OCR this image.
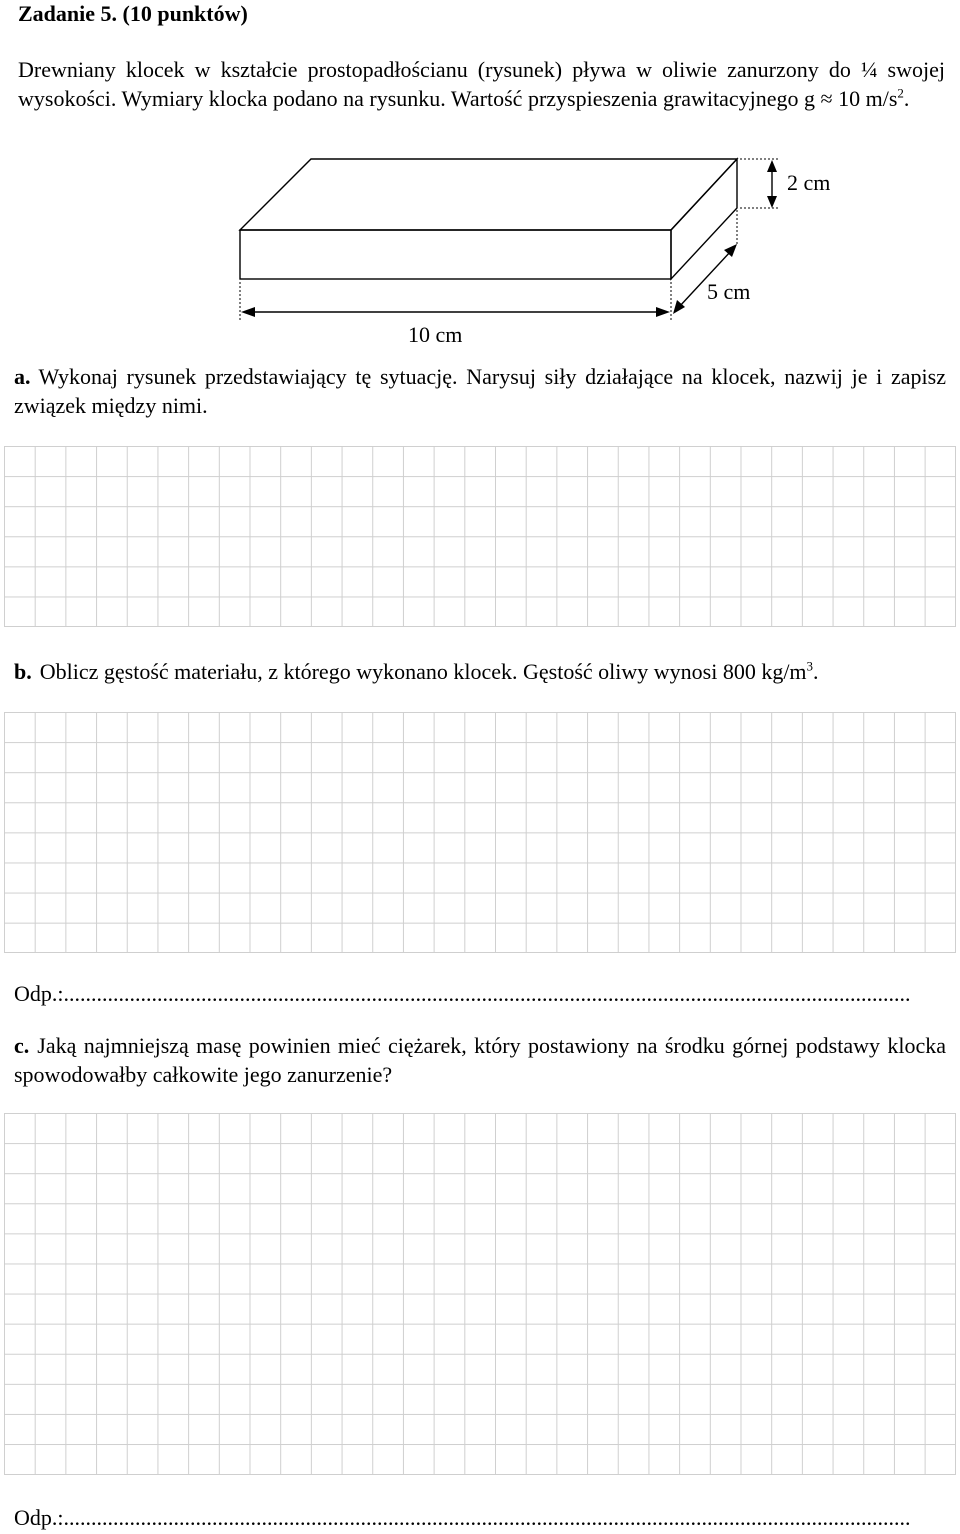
Zadanie 5. (10 punktów)
Drewniany klocek w kształcie prostopadłościanu (rysunek) pływa w oliwie zanurzony do ¼ swojej wysokości. Wymiary klocka podano na rysunku. Wartość przyspieszenia grawitacyjnego g ≈ 10 $m/s^2$.
2 cm
5 cm
10 cm
a. Wykonaj rysunek przedstawiający tę sytuację. Narysuj siły działające na klocek, nazwij je i zapisz związek między nimi.
b. Oblicz gęstość materiału, z którego wykonano klocek. Gęstość oliwy wynosi 800 $kg/m^3$.
Odp.:..........................................................................................................................................................
c. Jaką najmniejszą masę powinien mieć ciężarek, który postawiony na środku górnej podstawy klocka spowodowałby całkowite jego zanurzenie?
Odp.:..........................................................................................................................................................
